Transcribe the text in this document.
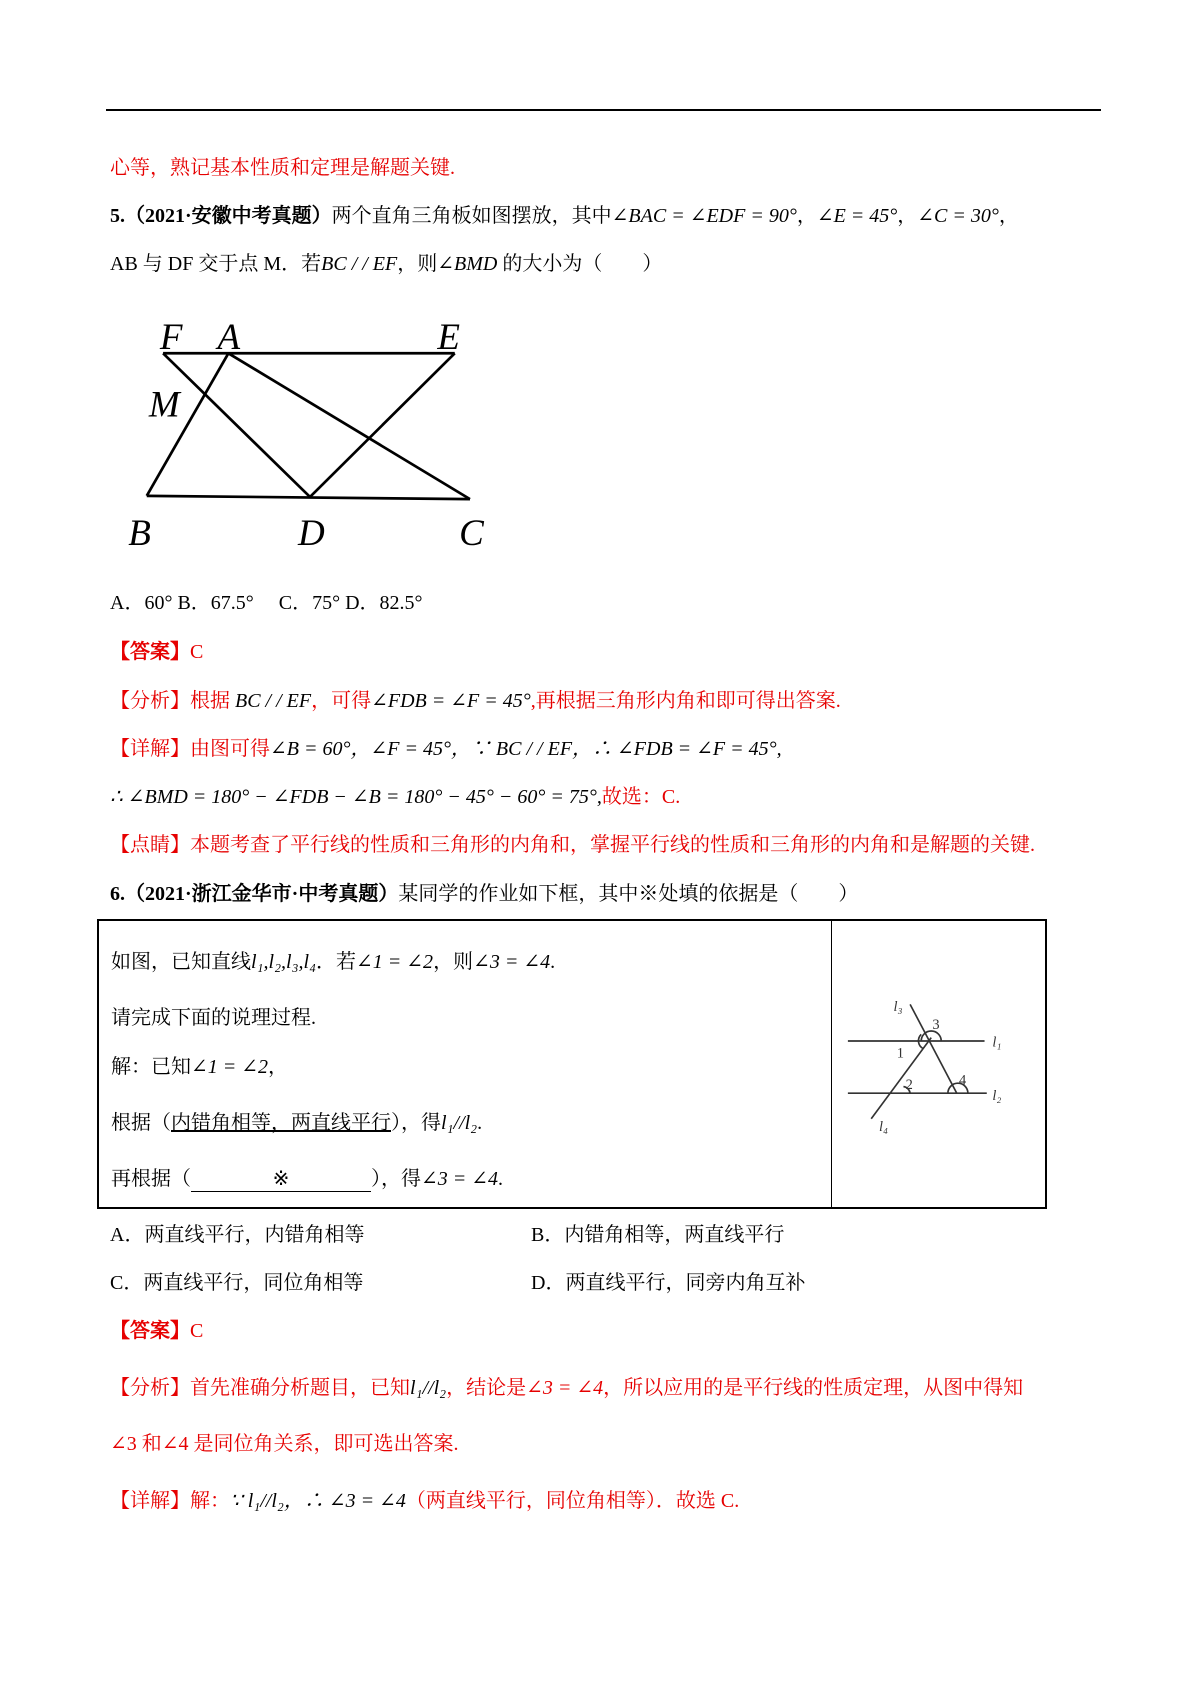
心等，熟记基本性质和定理是解题关键.
5.（2021·安徽中考真题）两个直角三角板如图摆放，其中∠BAC = ∠EDF = 90°，∠E = 45°，∠C = 30°，
AB 与 DF 交于点 M．若BC / / EF，则∠BMD 的大小为（　　）
F A	E
M
B	D	C
A．60° B．67.5°　 C．75° D．82.5°
【答案】C
【分析】根据 BC / / EF，可得∠FDB = ∠F = 45°,再根据三角形内角和即可得出答案.
【详解】由图可得∠B = 60°，∠F = 45°，∵ BC / / EF，∴ ∠FDB = ∠F = 45°,
∴ ∠BMD = 180° − ∠FDB − ∠B = 180° − 45° − 60° = 75°,故选：C.
【点睛】本题考查了平行线的性质和三角形的内角和，掌握平行线的性质和三角形的内角和是解题的关键.
6.（2021·浙江金华市·中考真题）某同学的作业如下框，其中※处填的依据是（　　）
如图，已知直线l₁,l₂,l₃,l₄．若∠1 = ∠2，则∠3 = ∠4.
请完成下面的说理过程.
解：已知∠1 = ∠2，
根据（内错角相等，两直线平行），得l₁//l₂.
再根据（	※	），得∠3 = ∠4.
l₃
l₁
l₂
l₄
3
1
2	4
A．两直线平行，内错角相等	B．内错角相等，两直线平行
C．两直线平行，同位角相等	D．两直线平行，同旁内角互补
【答案】C
【分析】首先准确分析题目，已知l₁//l₂，结论是∠3 = ∠4，所以应用的是平行线的性质定理，从图中得知
∠3 和∠4 是同位角关系，即可选出答案.
【详解】解：∵ l₁//l₂，∴ ∠3 = ∠4（两直线平行，同位角相等）．故选 C.
